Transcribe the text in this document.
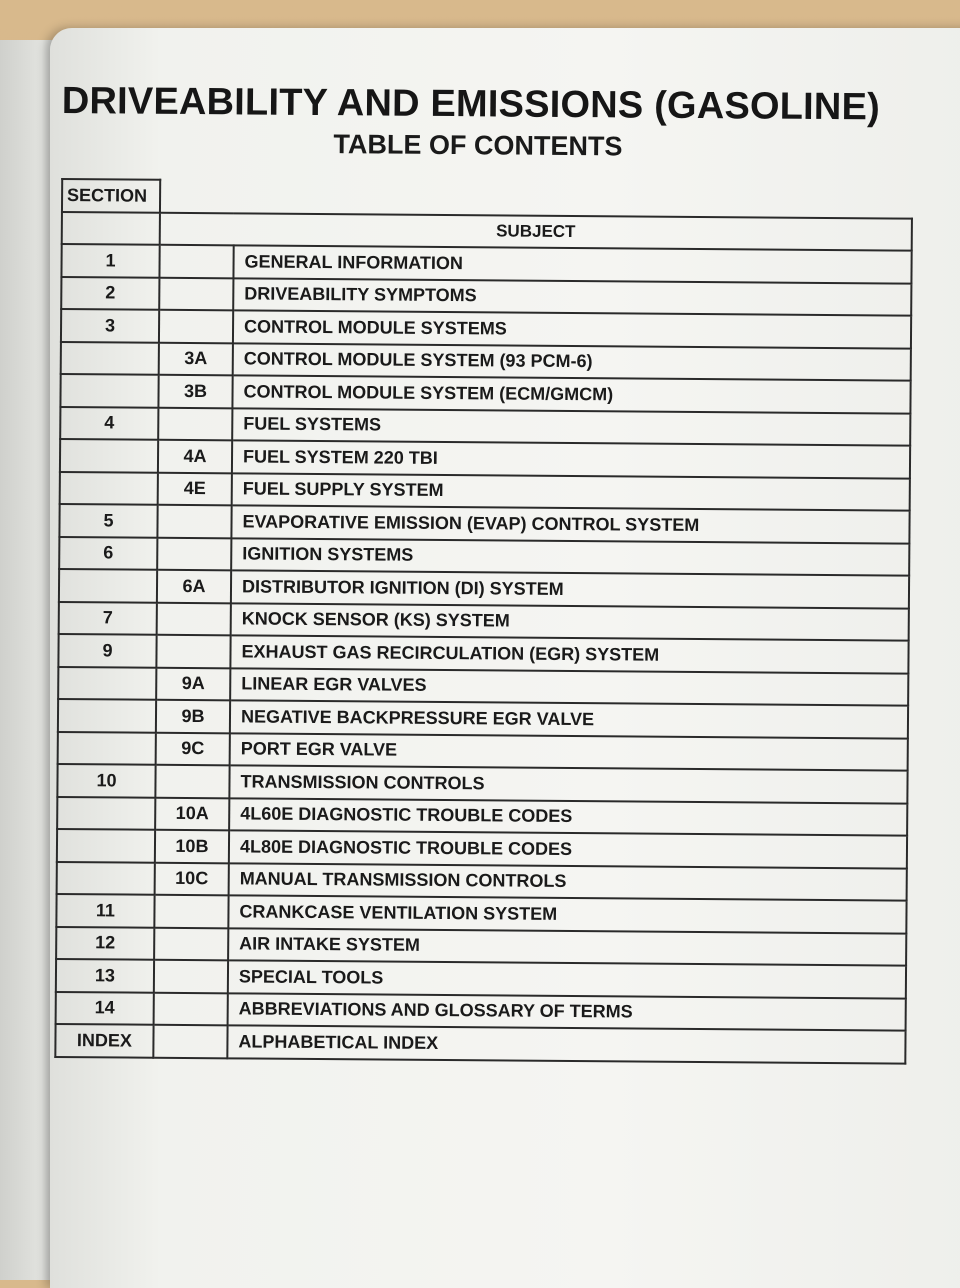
DRIVEABILITY AND EMISSIONS (GASOLINE)
TABLE OF CONTENTS
SECTION		
	SUBJECT	
1		GENERAL INFORMATION
2		DRIVEABILITY SYMPTOMS
3		CONTROL MODULE SYSTEMS
	3A	CONTROL MODULE SYSTEM (93 PCM-6)
	3B	CONTROL MODULE SYSTEM (ECM/GMCM)
4		FUEL SYSTEMS
	4A	FUEL SYSTEM 220 TBI
	4E	FUEL SUPPLY SYSTEM
5		EVAPORATIVE EMISSION (EVAP) CONTROL SYSTEM
6		IGNITION SYSTEMS
	6A	DISTRIBUTOR IGNITION (DI) SYSTEM
7		KNOCK SENSOR (KS) SYSTEM
9		EXHAUST GAS RECIRCULATION (EGR) SYSTEM
	9A	LINEAR EGR VALVES
	9B	NEGATIVE BACKPRESSURE EGR VALVE
	9C	PORT EGR VALVE
10		TRANSMISSION CONTROLS
	10A	4L60E DIAGNOSTIC TROUBLE CODES
	10B	4L80E DIAGNOSTIC TROUBLE CODES
	10C	MANUAL TRANSMISSION CONTROLS
11		CRANKCASE VENTILATION SYSTEM
12		AIR INTAKE SYSTEM
13		SPECIAL TOOLS
14		ABBREVIATIONS AND GLOSSARY OF TERMS
INDEX		ALPHABETICAL INDEX
